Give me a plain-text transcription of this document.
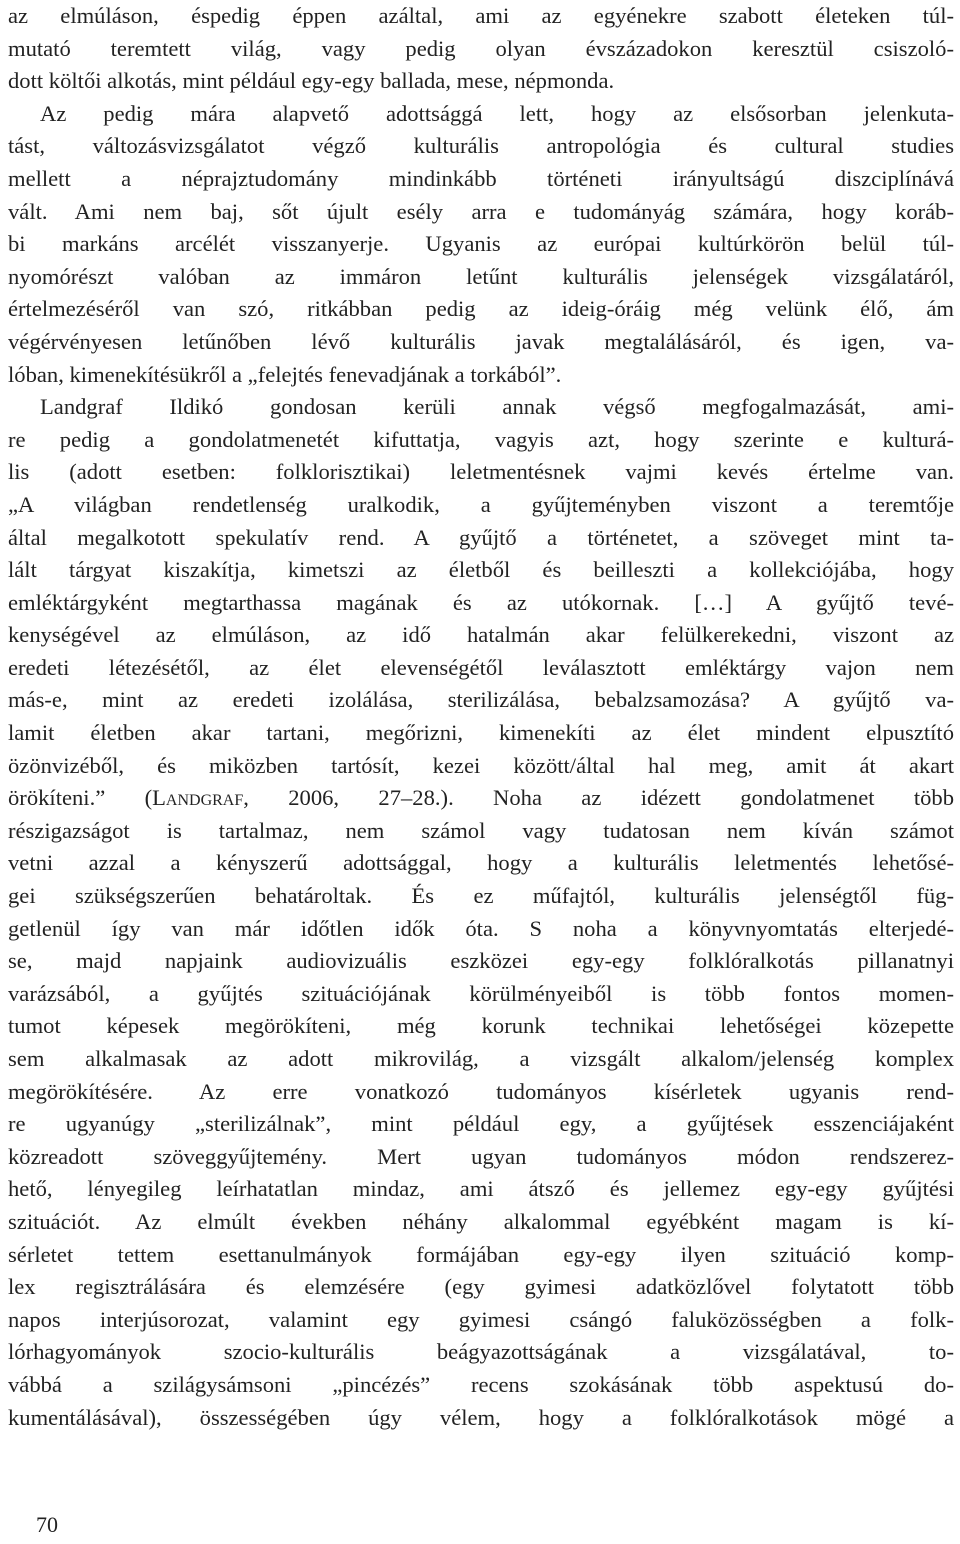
az elmúláson, éspedig éppen azáltal, ami az egyénekre szabott életeken túl-
mutató teremtett világ, vagy pedig olyan évszázadokon keresztül csiszoló-
dott költői alkotás, mint például egy-egy ballada, mese, népmonda.
Az pedig mára alapvető adottsággá lett, hogy az elsősorban jelenkuta-
tást, változásvizsgálatot végző kulturális antropológia és cultural studies
mellett a néprajztudomány mindinkább történeti irányultságú diszciplínává
vált. Ami nem baj, sőt újult esély arra e tudományág számára, hogy koráb-
bi markáns arcélét visszanyerje. Ugyanis az európai kultúrkörön belül túl-
nyomórészt valóban az immáron letűnt kulturális jelenségek vizsgálatáról,
értelmezéséről van szó, ritkábban pedig az ideig-óráig még velünk élő, ám
végérvényesen letűnőben lévő kulturális javak megtalálásáról, és igen, va-
lóban, kimenekítésükről a „felejtés fenevadjának a torkából”.
Landgraf Ildikó gondosan kerüli annak végső megfogalmazását, ami-
re pedig a gondolatmenetét kifuttatja, vagyis azt, hogy szerinte e kulturá-
lis (adott esetben: folklorisztikai) leletmentésnek vajmi kevés értelme van.
„A világban rendetlenség uralkodik, a gyűjteményben viszont a teremtője
által megalkotott spekulatív rend. A gyűjtő a történetet, a szöveget mint ta-
lált tárgyat kiszakítja, kimetszi az életből és beilleszti a kollekciójába, hogy
emléktárgyként megtarthassa magának és az utókornak. […] A gyűjtő tevé-
kenységével az elmúláson, az idő hatalmán akar felülkerekedni, viszont az
eredeti létezésétől, az élet elevenségétől leválasztott emléktárgy vajon nem
más-e, mint az eredeti izolálása, sterilizálása, bebalzsamozása? A gyűjtő va-
lamit életben akar tartani, megőrizni, kimenekíti az élet mindent elpusztító
özönvizéből, és miközben tartósít, kezei között/által hal meg, amit át akart
örökíteni.” (Landgraf, 2006, 27–28.). Noha az idézett gondolatmenet több
részigazságot is tartalmaz, nem számol vagy tudatosan nem kíván számot
vetni azzal a kényszerű adottsággal, hogy a kulturális leletmentés lehetősé-
gei szükségszerűen behatároltak. És ez műfajtól, kulturális jelenségtől füg-
getlenül így van már időtlen idők óta. S noha a könyvnyomtatás elterjedé-
se, majd napjaink audiovizuális eszközei egy-egy folklóralkotás pillanatnyi
varázsából, a gyűjtés szituációjának körülményeiből is több fontos momen-
tumot képesek megörökíteni, még korunk technikai lehetőségei közepette
sem alkalmasak az adott mikrovilág, a vizsgált alkalom/jelenség komplex
megörökítésére. Az erre vonatkozó tudományos kísérletek ugyanis rend-
re ugyanúgy „sterilizálnak”, mint például egy, a gyűjtések esszenciájaként
közreadott szöveggyűjtemény. Mert ugyan tudományos módon rendszerez-
hető, lényegileg leírhatatlan mindaz, ami átsző és jellemez egy-egy gyűjtési
szituációt. Az elmúlt években néhány alkalommal egyébként magam is kí-
sérletet tettem esettanulmányok formájában egy-egy ilyen szituáció komp-
lex regisztrálására és elemzésére (egy gyimesi adatközlővel folytatott több
napos interjúsorozat, valamint egy gyimesi csángó faluközösségben a folk-
lórhagyományok szocio-kulturális beágyazottságának a vizsgálatával, to-
vábbá a szilágysámsoni „pincézés” recens szokásának több aspektusú do-
kumentálásával), összességében úgy vélem, hogy a folklóralkotások mögé a
70
